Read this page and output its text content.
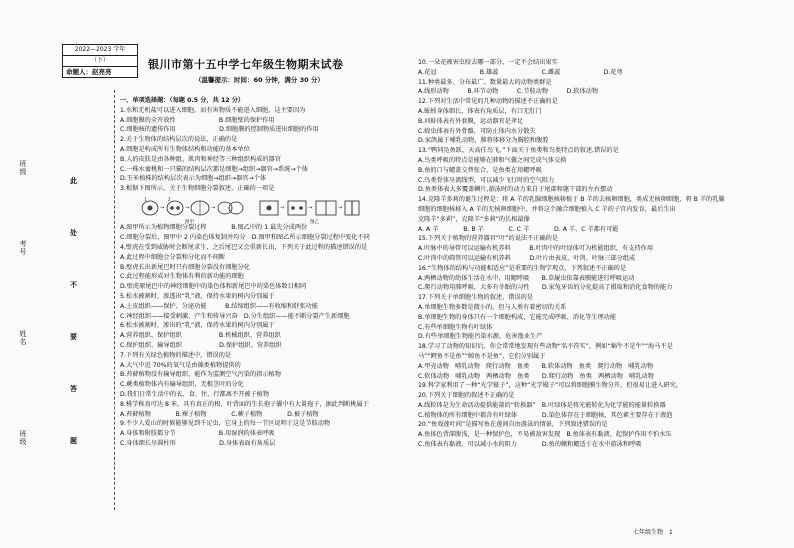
班级
考号
姓名
班级
此
处
不
要
答
题
2022—2023 学年
（下）
命题人：赵亮亮
银川市第十五中学七年级生物期末试卷
（温馨提示：时间：60 分钟，满分 30 分）
一、单项选择题：（每题 0.5 分，共 12 分）
1.水和无机盐可以进入细胞，而有害物质不能进入细胞，这主要因为
A.细胞膜的全开放性　　　　　　　B.细胞壁的保护作用
C.细胞核的遗传作用　　　　　　　D.细胞膜的控制物质进出细胞的作用
2.关于生物体的结构层次的说法，正确的是
A.细胞是构成所有生物体结构和功能的基本单位
B.人的皮肤是由各种组、肌肉和神经等三种组织构成的器官
C.一株水蜜桃和一只猫的结构层次都是细胞→组织→器官→系统→个体
D.玉米植株的结构层次表示为细胞→组织→器官→个体
3.根据下图所示，关于生物细胞分裂叙述，正确的一项是
A.图甲所示为植物细胞分裂过程　　　　B.图乙中的 1 最先分成两份
C.细胞分裂后，图甲中 2 内染色体复制并均分　D.图甲和图乙所示细胞分裂过程中变化不同
4.壁虎在受到威胁时会断尾求生，之后尾巴又会重新长出，下列关于此过程的描述错误的是
A.此过程中细胞会分裂和分化而不间断
B.壁虎长出新尾巴时只有细胞分裂没有细胞分化
C.此过程能形成对生物体有利的新功能的细胞
D.壁虎原尾巴中的神经细胞中的染色体和新尾巴中的染色体数目相同
5.松水被割时，渗透出“乳”液，保持水果的树内分别属于
A.上皮组织——保护、分泌功能　　　B.结缔组织——有收缩和舒张功能
C.神经组织——接受刺激，产生和传导兴奋　D.分生组织——能不断分裂产生新细胞
6.松水被割时，渗出的“乳”液，保持水果的树内分别属于
A.营养组织、保护组织　　　　　　B.机械组织、营养组织
C.保护组织、输导组织　　　　　　D.保护组织、营养组织
7.下列有关绿色植物的描述中，错误的是
A.大气中近 70%的氧气是由藻类植物提供的
B.苔藓植物没有输导组织，能作为监测空气污染的指示植物
C.蕨类植物体内有输导组织，无根茎叶的分化
D.我们日常生活中的衣、食、住、行都离不开被子植物
8.桃学称真可达 8 米，具有真正的根，叶背面的生长孢子囊中有大量孢子，据此判断桃属于
A.苔藓植物　　　　B.裸子植物　　　　C.蕨子植物　　　　D.被子植物
9.不少人爱山的时候能够见到千足虫，它身上的每一节区说明于这是节肢动物
A.身体和附肢都分节　　　　　　　B.用湿润的体表呼吸
C.身体细长呈圆柱形　　　　　　　D.身体表面有角质层
→	→	→
1	2
→	→	→
图甲	图乙
10.一朵花被害虫咬去哪一部分，一定不会结出果实
A.花冠　　　　　　　B.雄蕊　　　　　　　C.雌蕊　　　　　　　D.花萼
11.种类最多、分布最广、数量最大的动物类群是
A.线形动物　　　B.环节动物　　　C.节肢动物　　　D.软体动物
12.下列对生活中常见的几种动物的描述不正确的是
A.蚯蚓身体细长，体表有角质层，有口无肛门
B.河蚌体表有外套膜，运动器官是斧足
C.蝗虫体表有外骨骼，可防止体内水分散失
D.家鸽属于哺乳动物，肺将体移分为胸腔和腹腔
13.“鸭同凫鱼跃，天高任鸟飞，”下面关于鱼类和鸟类特点的叙述,错误的是
A.鸟类呼吸的特点是能够在肺和气囊之间完成气体交换
B.鱼的口与鳃盖交替张合，是鱼类在用鳃呼吸
C.鸟类骨体呈流线型，可以减少飞行时的空气阻力
D.鱼类体表大多覆盖鳞片,游泳时的动力来自于尾部和躯干部的左右摆动
14.克隆羊多莉的诞生过程是：将 A 羊的乳腺细胞核移植于 B 羊的去核卵细胞，类成无核卵细胞，将 B 羊的乳腺
细胞的细胞核移入 A 羊的无核卵细胞中，并将这个融合细胞植入 C 羊的子宫内发育，最后生出
克隆羊“多莉”，克隆羊“多莉”的长相最像
A. A 羊　　　　B. B 羊　　　　C. C 羊　　　　D. A 羊、C 羊都有可能
15.下列关于植物的营养器官“叶”的说法不正确的是
A.叶脉中的导管可以运输有机养料　　　B.叶肉中的叶绿体可为机能组织，有支持作用
C.叶肉中的筛管可以运输有机养料　　　D.叶片由表皮、叶肉、叶脉三部分组成
16.“生物体的结构与功能相适应”是重要的生物学观点，下列叙述不正确的是
A.两栖动物的幼体生活在水中，用鳃呼吸　　B.草履虫依靠表膜能进行呼吸运动
C.爬行动物用肺呼吸，大多有冬眠的习性　　D.家兔牙齿的分化提高了摄取和消化食物的能力
17.下列关于单细胞生物的叙述，错误的是
A.单细胞生物多数是微小的，但与人类有着密切的关系
B.单细胞生物的身体只有一个细胞构成，它能完成呼吸、消化等生理功能
C.有些单细胞生物有叶绿体
D.有些单细胞生物能污染水源，危害渔业生产
18.学习了动物的知识后，你会常常地发现有些动物“名不符实”，例如“蜗牛不是牛”“海马不是
马”“鳄鱼不是鱼”“鲸鱼不是鱼”，它们分别属于
A.甲壳动物　哺乳动物　爬行动物　鱼类　　B.软体动物　鱼类　爬行动物　哺乳动物
C.软体动物　哺乳动物　两栖动物　鱼类　　D.爬行动物　鱼类　两栖动物　哺乳动物
19.科学家利用了一种“光学镊子”，这种“光学镊子”可以将细胞膜生物分开，但很易让进入研究。
20.下列关于细胞的叙述不正确的是
A.线粒体是为生命活动提供能量的“转换器”　B.叶绿体是将光能转化为化学能的能量转换器
C.植物体的所有细胞中都含有叶绿体　　　　D.染色体存在于细胞核，其色素主要存在于液泡
20.“鱼戏莲叶间”是描写鱼在莲间自由游泳的情景，下列叙述错误的是
A.鱼体色背深腹浅，是一种保护色，不易被敌害发现　B.鱼体表有黏液，起保护作用不怕水压
C.鱼体表有黏液，可以减小水的阻力　　　　D.鱼的鳍和鳃适于在水中游泳和呼吸
七年级生物　1
